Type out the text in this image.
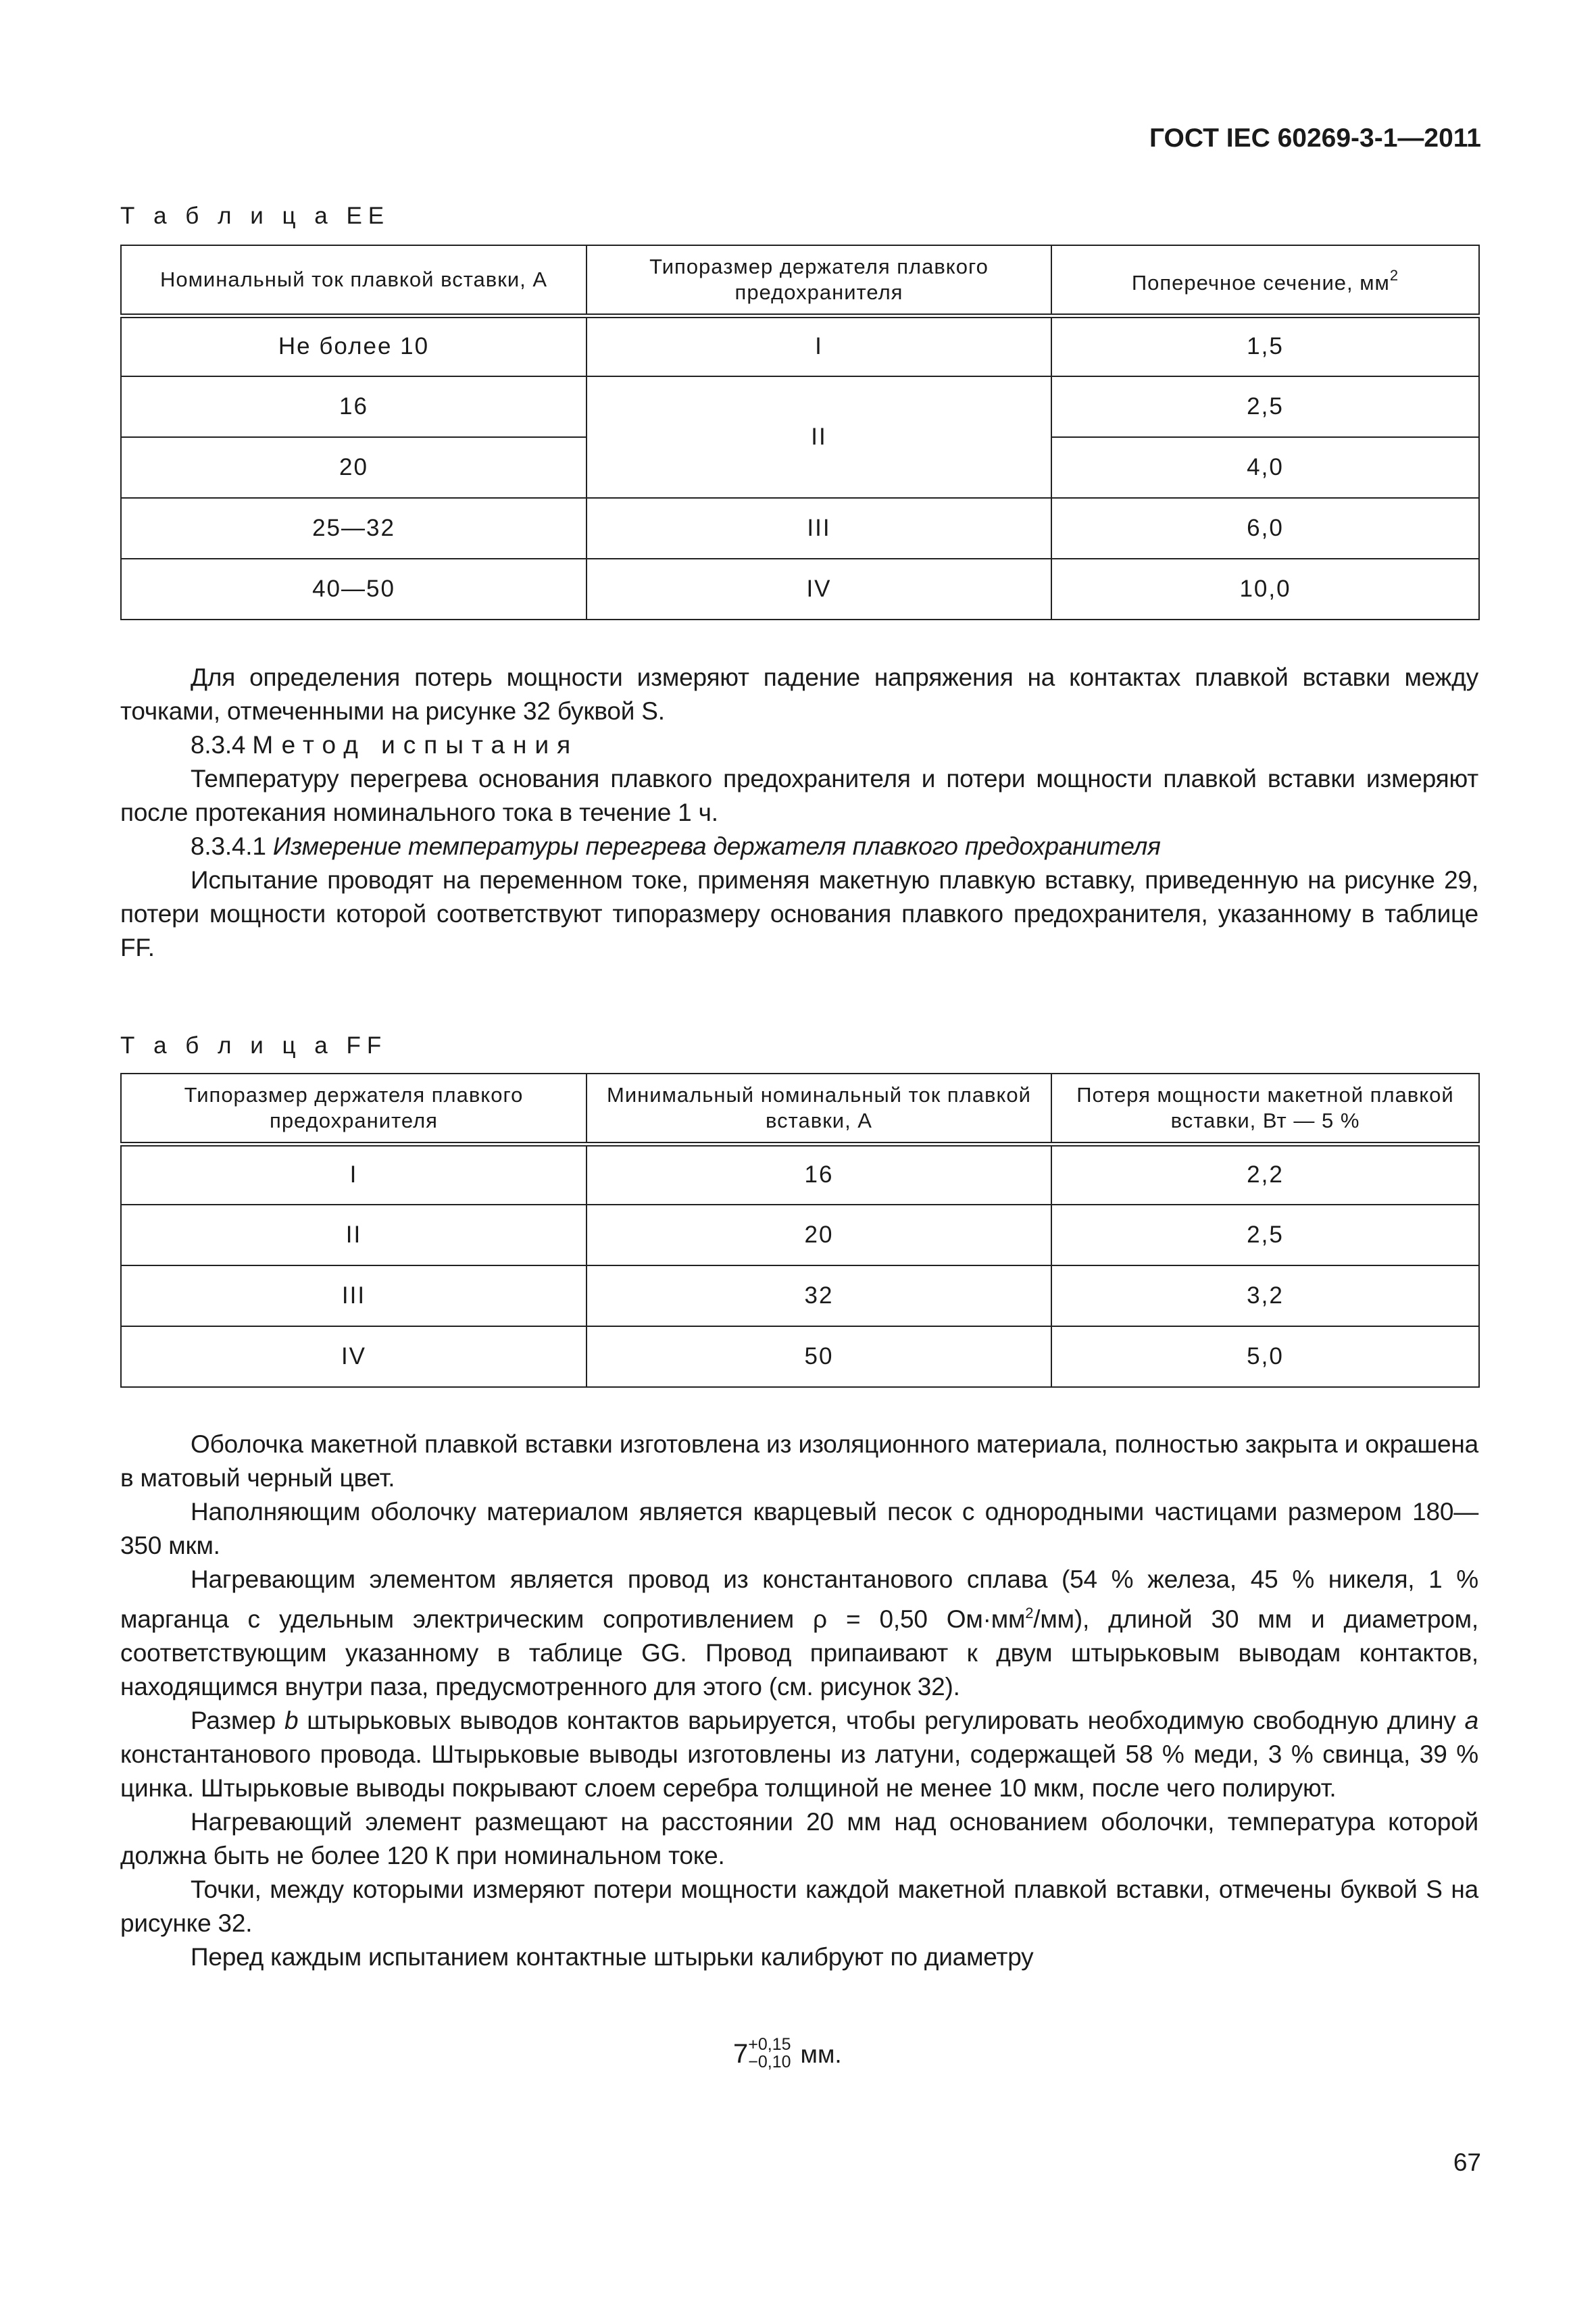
ГОСТ IEC 60269-3-1—2011
Т а б л и ц а EE
Номинальный ток плавкой вставки, А	Типоразмер держателя плавкого предохранителя	Поперечное сечение, $мм^2$
Не более 10	I	1,5
16	II	2,5
20		4,0
25—32	III	6,0
40—50	IV	10,0

Для определения потерь мощности измеряют падение напряжения на контактах плавкой вставки между точками, отмеченными на рисунке 32 буквой S.

8.3.4 Метод испытания

Температуру перегрева основания плавкого предохранителя и потери мощности плавкой вставки измеряют после протекания номинального тока в течение 1 ч.

8.3.4.1 Измерение температуры перегрева держателя плавкого предохранителя

Испытание проводят на переменном токе, применяя макетную плавкую вставку, приведенную на рисунке 29, потери мощности которой соответствуют типоразмеру основания плавкого предохранителя, указанному в таблице FF.

Т а б л и ц а FF
Типоразмер держателя плавкого предохранителя	Минимальный номинальный ток плавкой вставки, А	Потеря мощности макетной плавкой вставки, Вт — 5 %
I	16	2,2
II	20	2,5
III	32	3,2
IV	50	5,0

Оболочка макетной плавкой вставки изготовлена из изоляционного материала, полностью закрыта и окрашена в матовый черный цвет.

Наполняющим оболочку материалом является кварцевый песок с однородными частицами размером 180—350 мкм.

Нагревающим элементом является провод из константанового сплава (54 % железа, 45 % никеля, 1 % марганца с удельным электрическим сопротивлением ρ = 0,50 $Ом\cdot мм^2/мм$), длиной 30 мм и диаметром, соответствующим указанному в таблице GG. Провод припаивают к двум штырьковым выводам контактов, находящимся внутри паза, предусмотренного для этого (см. рисунок 32).

Размер b штырьковых выводов контактов варьируется, чтобы регулировать необходимую свободную длину a константанового провода. Штырьковые выводы изготовлены из латуни, содержащей 58 % меди, 3 % свинца, 39 % цинка. Штырьковые выводы покрывают слоем серебра толщиной не менее 10 мкм, после чего полируют.

Нагревающий элемент размещают на расстоянии 20 мм над основанием оболочки, температура которой должна быть не более 120 К при номинальном токе.

Точки, между которыми измеряют потери мощности каждой макетной плавкой вставки, отмечены буквой S на рисунке 32.

Перед каждым испытанием контактные штырьки калибруют по диаметру

7 +0,15
−0,10 мм.
67
